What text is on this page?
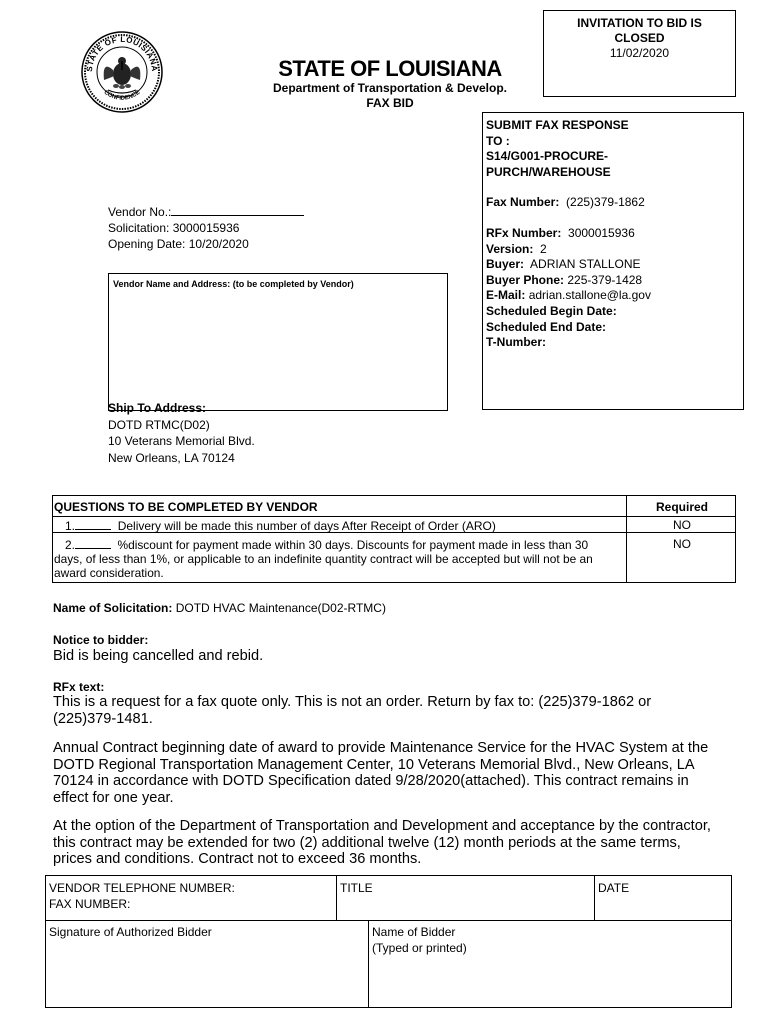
STATE OF LOUISIANA
CONFIDENCE
STATE OF LOUISIANA
Department of Transportation & Develop.
FAX BID
INVITATION TO BID IS
CLOSED
11/02/2020
SUBMIT FAX RESPONSE
TO :
S14/G001-PROCURE-
PURCH/WAREHOUSE
Fax Number: (225)379-1862
RFx Number: 3000015936
Version: 2
Buyer: ADRIAN STALLONE
Buyer Phone: 225-379-1428
E-Mail: adrian.stallone@la.gov
Scheduled Begin Date:
Scheduled End Date:
T-Number:
Vendor No.:
Solicitation: 3000015936
Opening Date: 10/20/2020
Vendor Name and Address: (to be completed by Vendor)
Ship To Address:
DOTD RTMC(D02)
10 Veterans Memorial Blvd.
New Orleans, LA 70124
QUESTIONS TO BE COMPLETED BY VENDOR	Required
1.	Delivery will be made this number of days After Receipt of Order (ARO)	NO
2.	%discount for payment made within 30 days. Discounts for payment made in less than 30
days, of less than 1%, or applicable to an indefinite quantity contract will be accepted but will not be an
award consideration.
NO
Name of Solicitation: DOTD HVAC Maintenance(D02-RTMC)
Notice to bidder:
Bid is being cancelled and rebid.
RFx text:
This is a request for a fax quote only. This is not an order. Return by fax to: (225)379-1862 or
(225)379-1481.
Annual Contract beginning date of award to provide Maintenance Service for the HVAC System at the
DOTD Regional Transportation Management Center, 10 Veterans Memorial Blvd., New Orleans, LA
70124 in accordance with DOTD Specification dated 9/28/2020(attached). This contract remains in
effect for one year.
At the option of the Department of Transportation and Development and acceptance by the contractor,
this contract may be extended for two (2) additional twelve (12) month periods at the same terms,
prices and conditions. Contract not to exceed 36 months.
VENDOR TELEPHONE NUMBER:
FAX NUMBER:
TITLE	DATE
Signature of Authorized Bidder	Name of Bidder
(Typed or printed)
